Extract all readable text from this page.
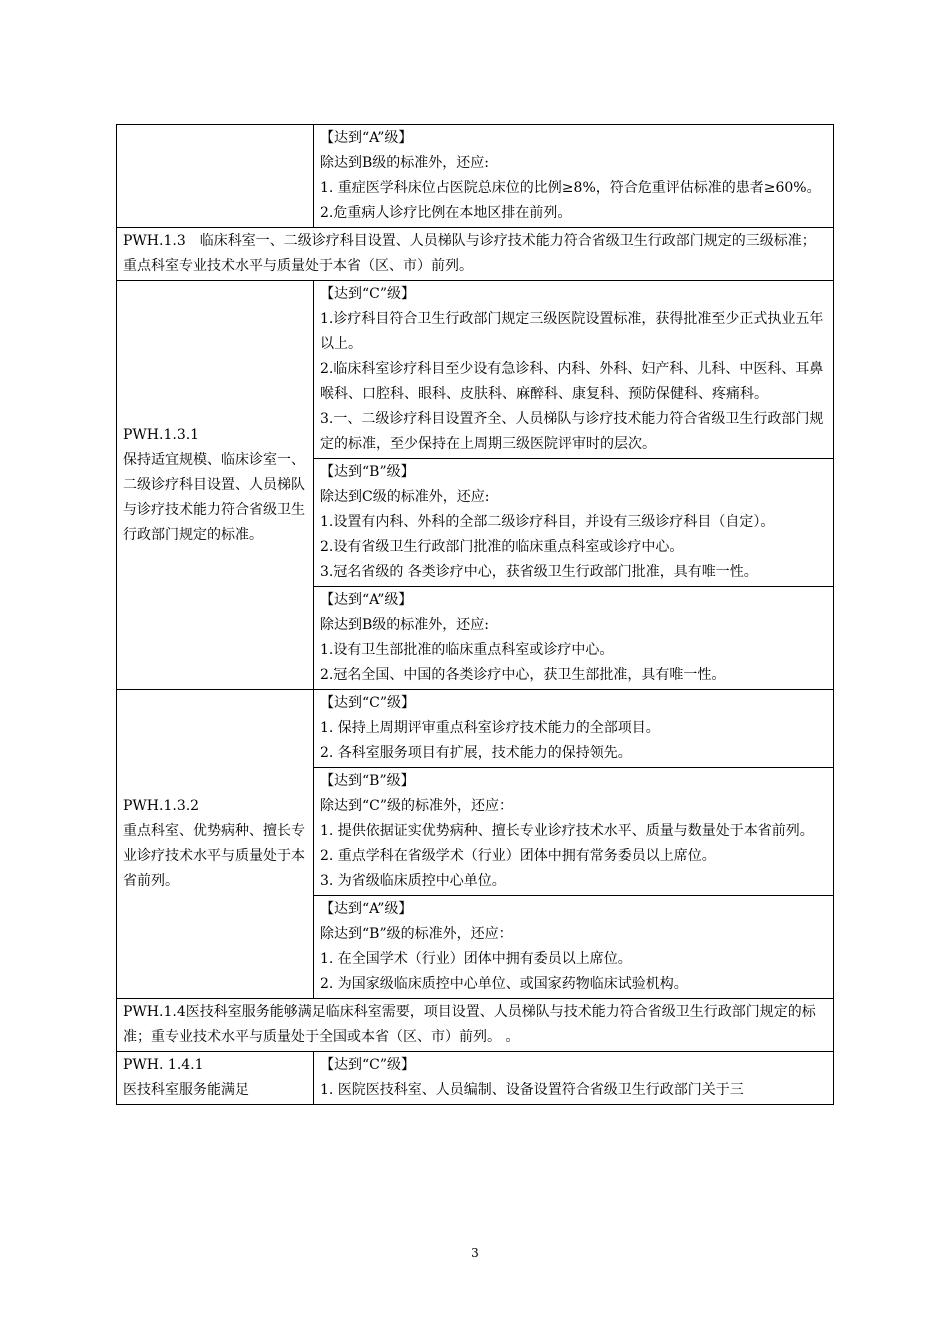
	【达到“A”级】
除达到B级的标准外，还应:
1. 重症医学科床位占医院总床位的比例≥8%，符合危重评估标准的患者≥60%。
2.危重病人诊疗比例在本地区排在前列。

PWH.1.3　临床科室一、二级诊疗科目设置、人员梯队与诊疗技术能力符合省级卫生行政部门规定的三级标准；重点科室专业技术水平与质量处于本省（区、市）前列。	

PWH.1.3.1
保持适宜规模、临床诊室一、二级诊疗科目设置、人员梯队与诊疗技术能力符合省级卫生行政部门规定的标准。	【达到“C”级】
1.诊疗科目符合卫生行政部门规定三级医院设置标准，获得批准至少正式执业五年以上。
2.临床科室诊疗科目至少设有急诊科、内科、外科、妇产科、儿科、中医科、耳鼻喉科、口腔科、眼科、皮肤科、麻醉科、康复科、预防保健科、疼痛科。
3.一、二级诊疗科目设置齐全、人员梯队与诊疗技术能力符合省级卫生行政部门规定的标准，至少保持在上周期三级医院评审时的层次。

	【达到“B”级】
除达到C级的标准外，还应:
1.设置有内科、外科的全部二级诊疗科目，并设有三级诊疗科目（自定）。
2.设有省级卫生行政部门批准的临床重点科室或诊疗中心。
3.冠名省级的 各类诊疗中心，获省级卫生行政部门批准，具有唯一性。

	【达到“A”级】
除达到B级的标准外，还应:
1.设有卫生部批准的临床重点科室或诊疗中心。
2.冠名全国、中国的各类诊疗中心，获卫生部批准，具有唯一性。

PWH.1.3.2
重点科室、优势病种、擅长专业诊疗技术水平与质量处于本省前列。	【达到“C”级】
1. 保持上周期评审重点科室诊疗技术能力的全部项目。
2. 各科室服务项目有扩展，技术能力的保持领先。

	【达到“B”级】
除达到“C”级的标准外，还应：
1. 提供依据证实优势病种、擅长专业诊疗技术水平、质量与数量处于本省前列。
2. 重点学科在省级学术（行业）团体中拥有常务委员以上席位。
3. 为省级临床质控中心单位。

	【达到“A”级】
除达到“B”级的标准外，还应：
1. 在全国学术（行业）团体中拥有委员以上席位。
2. 为国家级临床质控中心单位、或国家药物临床试验机构。

PWH.1.4医技科室服务能够满足临床科室需要，项目设置、人员梯队与技术能力符合省级卫生行政部门规定的标准；重专业技术水平与质量处于全国或本省（区、市）前列。 。	

PWH. 1.4.1
医技科室服务能满足	【达到“C”级】
1. 医院医技科室、人员编制、设备设置符合省级卫生行政部门关于三
3
